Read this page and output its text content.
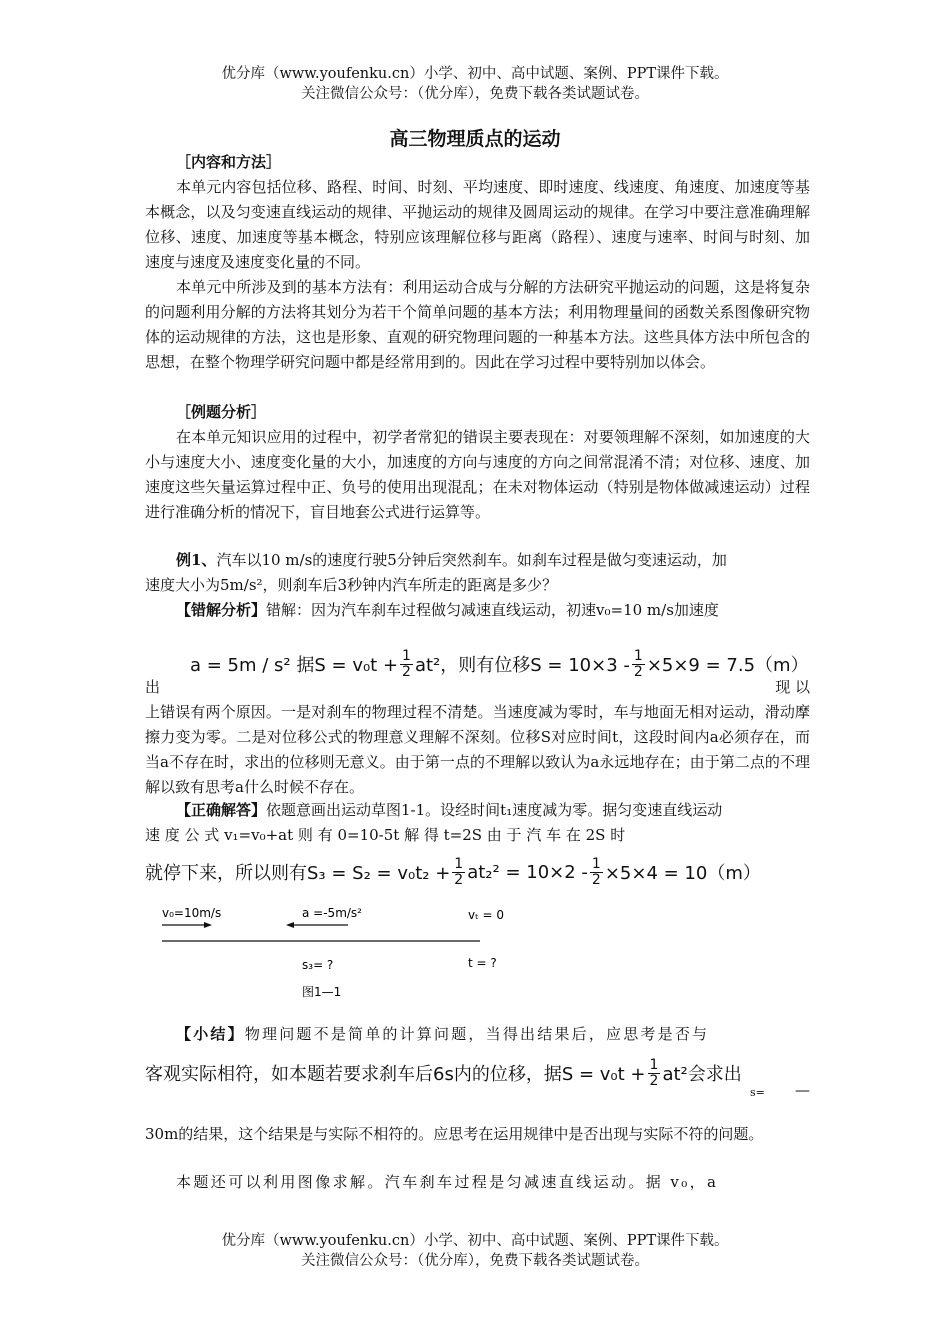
优分库（www.youfenku.cn）小学、初中、高中试题、案例、PPT课件下载。
关注微信公众号：（优分库），免费下载各类试题试卷。
高三物理质点的运动
［内容和方法］
本单元内容包括位移、路程、时间、时刻、平均速度、即时速度、线速度、角速度、加速度等基本概念，以及匀变速直线运动的规律、平抛运动的规律及圆周运动的规律。在学习中要注意准确理解位移、速度、加速度等基本概念，特别应该理解位移与距离（路程）、速度与速率、时间与时刻、加速度与速度及速度变化量的不同。
本单元中所涉及到的基本方法有：利用运动合成与分解的方法研究平抛运动的问题，这是将复杂的问题利用分解的方法将其划分为若干个简单问题的基本方法；利用物理量间的函数关系图像研究物体的运动规律的方法，这也是形象、直观的研究物理问题的一种基本方法。这些具体方法中所包含的思想，在整个物理学研究问题中都是经常用到的。因此在学习过程中要特别加以体会。
［例题分析］
在本单元知识应用的过程中，初学者常犯的错误主要表现在：对要领理解不深刻，如加速度的大小与速度大小、速度变化量的大小，加速度的方向与速度的方向之间常混淆不清；对位移、速度、加速度这些矢量运算过程中正、负号的使用出现混乱；在未对物体运动（特别是物体做减速运动）过程进行准确分析的情况下，盲目地套公式进行运算等。
例1、汽车以10 m/s的速度行驶5分钟后突然刹车。如刹车过程是做匀变速运动，加
速度大小为5m/s²，则刹车后3秒钟内汽车所走的距离是多少？
【错解分析】错解：因为汽车刹车过程做匀减速直线运动，初速v₀=10 m/s加速度
a = 5m / s² 据$S = v_0t + \frac{1}{2} at^2$，则有位移$S = 10\times 3 - \frac{1}{2} \times 5\times 9 = 7.5(m)$
出	现 以
上错误有两个原因。一是对刹车的物理过程不清楚。当速度减为零时，车与地面无相对运动，滑动摩擦力变为零。二是对位移公式的物理意义理解不深刻。位移S对应时间t，这段时间内a必须存在，而当a不存在时，求出的位移则无意义。由于第一点的不理解以致认为a永远地存在；由于第二点的不理解以致有思考a什么时候不存在。
【正确解答】依题意画出运动草图1-1。设经时间t₁速度减为零。据匀变速直线运动
速 度 公 式 v₁=v₀+at 则 有 0=10-5t 解 得 t=2S 由 于 汽 车 在 2S 时
就停下来，所以则有$S_3 = S_2 = v_0t_2 + \frac{1}{2} at_2^2 = 10\times 2 - \frac{1}{2} \times 5\times 4 = 10(m)$
v₀=10m/s	a =-5m/s²	vₜ = 0
s₃= ?	t = ?
图1—1
【小结】物理问题不是简单的计算问题，当得出结果后，应思考是否与
客观实际相符，如本题若要求刹车后6s内的位移，据$S = v_0t + \frac{1}{2} at^2$会求出
s=	—
30m的结果，这个结果是与实际不相符的。应思考在运用规律中是否出现与实际不符的问题。
本题还可以利用图像求解。汽车刹车过程是匀减速直线运动。据 v₀，a
优分库（www.youfenku.cn）小学、初中、高中试题、案例、PPT课件下载。
关注微信公众号：（优分库），免费下载各类试题试卷。
